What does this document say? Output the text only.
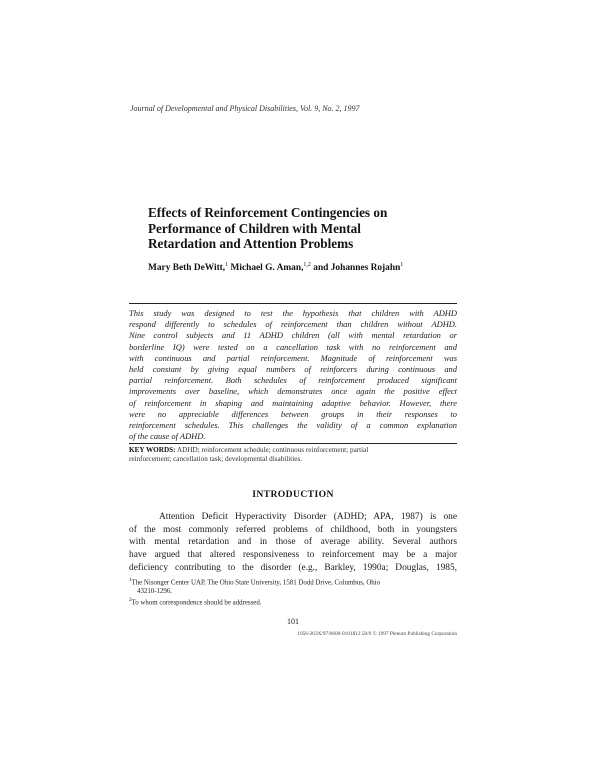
Journal of Developmental and Physical Disabilities, Vol. 9, No. 2, 1997
Effects of Reinforcement Contingencies on
Performance of Children with Mental
Retardation and Attention Problems
Mary Beth DeWitt,$^1$ Michael G. Aman,$^{1,2}$ and Johannes Rojahn$^1$
This study was designed to test the hypothesis that children with ADHD
respond differently to schedules of reinforcement than children without ADHD.
Nine control subjects and 11 ADHD children (all with mental retardation or
borderline IQ) were tested on a cancellation task with no reinforcement and
with continuous and partial reinforcement. Magnitude of reinforcement was
held constant by giving equal numbers of reinforcers during continuous and
partial reinforcement. Both schedules of reinforcement produced significant
improvements over baseline, which demonstrates once again the positive effect
of reinforcement in shaping and maintaining adaptive behavior. However, there
were no appreciable differences between groups in their responses to
reinforcement schedules. This challenges the validity of a common explanation
of the cause of ADHD.
KEY WORDS: ADHD; reinforcement schedule; continuous reinforcement; partial
reinforcement; cancellation task; developmental disabilities.
INTRODUCTION
Attention Deficit Hyperactivity Disorder (ADHD; APA, 1987) is one
of the most commonly referred problems of childhood, both in youngsters
with mental retardation and in those of average ability. Several authors
have argued that altered responsiveness to reinforcement may be a major
deficiency contributing to the disorder (e.g., Barkley, 1990a; Douglas, 1985,
$^1$The Nisonger Center UAP, The Ohio State University, 1581 Dodd Drive, Columbus, Ohio
43210-1296.
$^2$To whom correspondence should be addressed.
101
1056-263X/97/0600-0101$12.50/0 © 1997 Plenum Publishing Corporation
